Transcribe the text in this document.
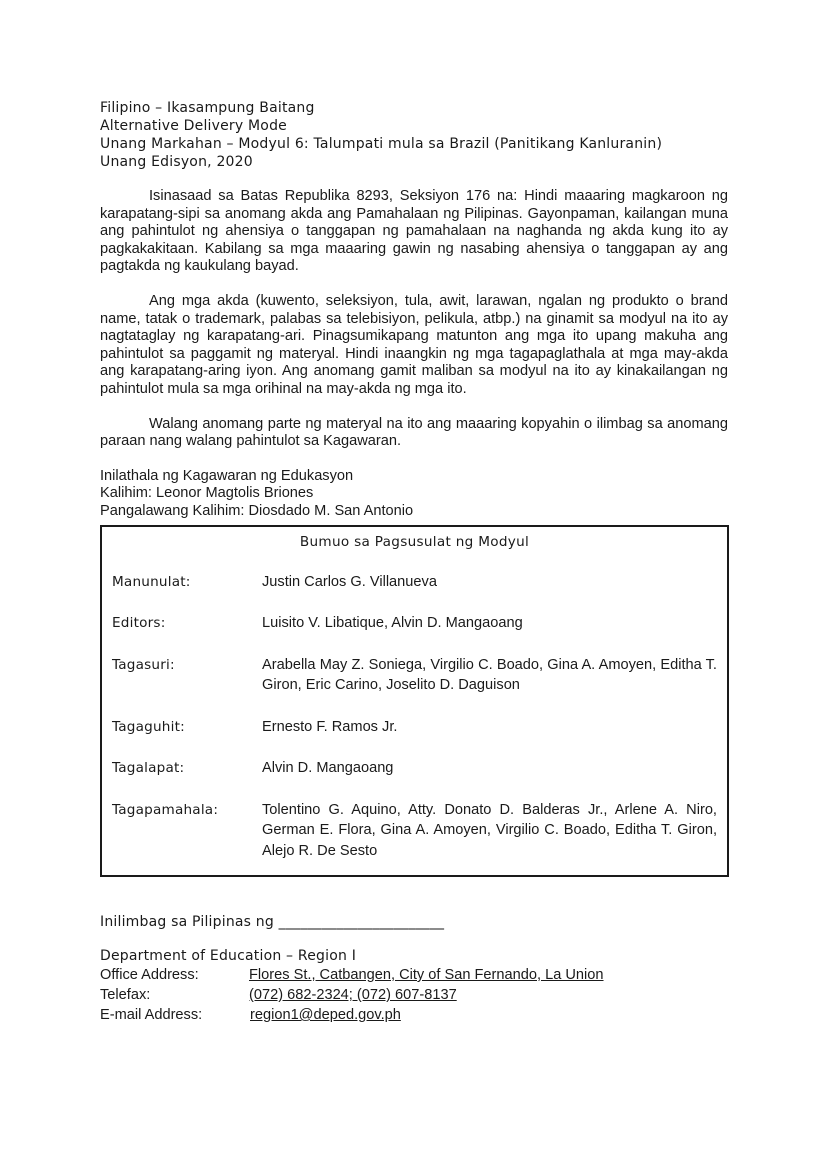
Filipino – Ikasampung Baitang
Alternative Delivery Mode
Unang Markahan – Modyul 6: Talumpati mula sa Brazil (Panitikang Kanluranin)
Unang Edisyon, 2020

Isinasaad sa Batas Republika 8293, Seksiyon 176 na: Hindi maaaring magkaroon ng karapatang-sipi sa anomang akda ang Pamahalaan ng Pilipinas. Gayonpaman, kailangan muna ang pahintulot ng ahensiya o tanggapan ng pamahalaan na naghanda ng akda kung ito ay pagkakakitaan. Kabilang sa mga maaaring gawin ng nasabing ahensiya o tanggapan ay ang pagtakda ng kaukulang bayad.

Ang mga akda (kuwento, seleksiyon, tula, awit, larawan, ngalan ng produkto o brand name, tatak o trademark, palabas sa telebisiyon, pelikula, atbp.) na ginamit sa modyul na ito ay nagtataglay ng karapatang-ari. Pinagsumikapang matunton ang mga ito upang makuha ang pahintulot sa paggamit ng materyal. Hindi inaangkin ng mga tagapaglathala at mga may-akda ang karapatang-aring iyon. Ang anomang gamit maliban sa modyul na ito ay kinakailangan ng pahintulot mula sa mga orihinal na may-akda ng mga ito.

Walang anomang parte ng materyal na ito ang maaaring kopyahin o ilimbag sa anomang paraan nang walang pahintulot sa Kagawaran.

Inilathala ng Kagawaran ng Edukasyon
Kalihim: Leonor Magtolis Briones
Pangalawang Kalihim: Diosdado M. San Antonio
Bumuo sa Pagsusulat ng Modyul
Manunulat:	Justin Carlos G. Villanueva
Editors:	Luisito V. Libatique, Alvin D. Mangaoang
Tagasuri:	Arabella May Z. Soniega, Virgilio C. Boado, Gina A. Amoyen, Editha T. Giron, Eric Carino, Joselito D. Daguison
Tagaguhit:	Ernesto F. Ramos Jr.
Tagalapat:	Alvin D. Mangaoang
Tagapamahala:	Tolentino G. Aquino, Atty. Donato D. Balderas Jr., Arlene A. Niro, German E. Flora, Gina A. Amoyen, Virgilio C. Boado, Editha T. Giron, Alejo R. De Sesto
Inilimbag sa Pilipinas ng _______________________
Department of Education – Region I
Office Address:	Flores St., Catbangen, City of San Fernando, La Union
Telefax:	(072) 682-2324; (072) 607-8137
E-mail Address:	region1@deped.gov.ph
